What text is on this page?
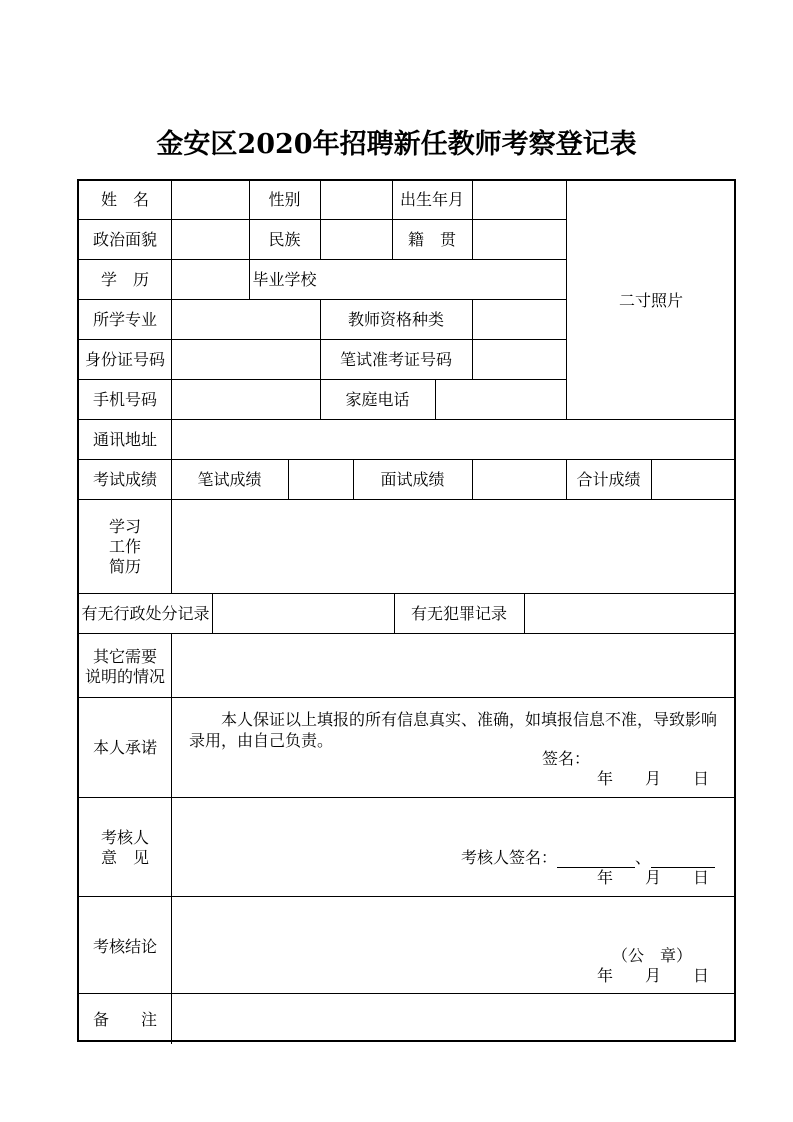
金安区2020年招聘新任教师考察登记表
姓　名	性别	出生年月
二寸照片
政治面貌	民族	籍　贯
学　历	毕业学校
所学专业	教师资格种类
身份证号码	笔试准考证号码
手机号码	家庭电话
通讯地址
考试成绩	笔试成绩	面试成绩	合计成绩
学习
工作
简历
有无行政处分记录	有无犯罪记录
其它需要
说明的情况
本人承诺
本人保证以上填报的所有信息真实、准确，如填报信息不准，导致影响
录用，由自己负责。
签名：
年　　月　　日
考核人
意　见	考核人签名：	、
年　　月　　日
考核结论	（公　章）
年　　月　　日
备　　注
